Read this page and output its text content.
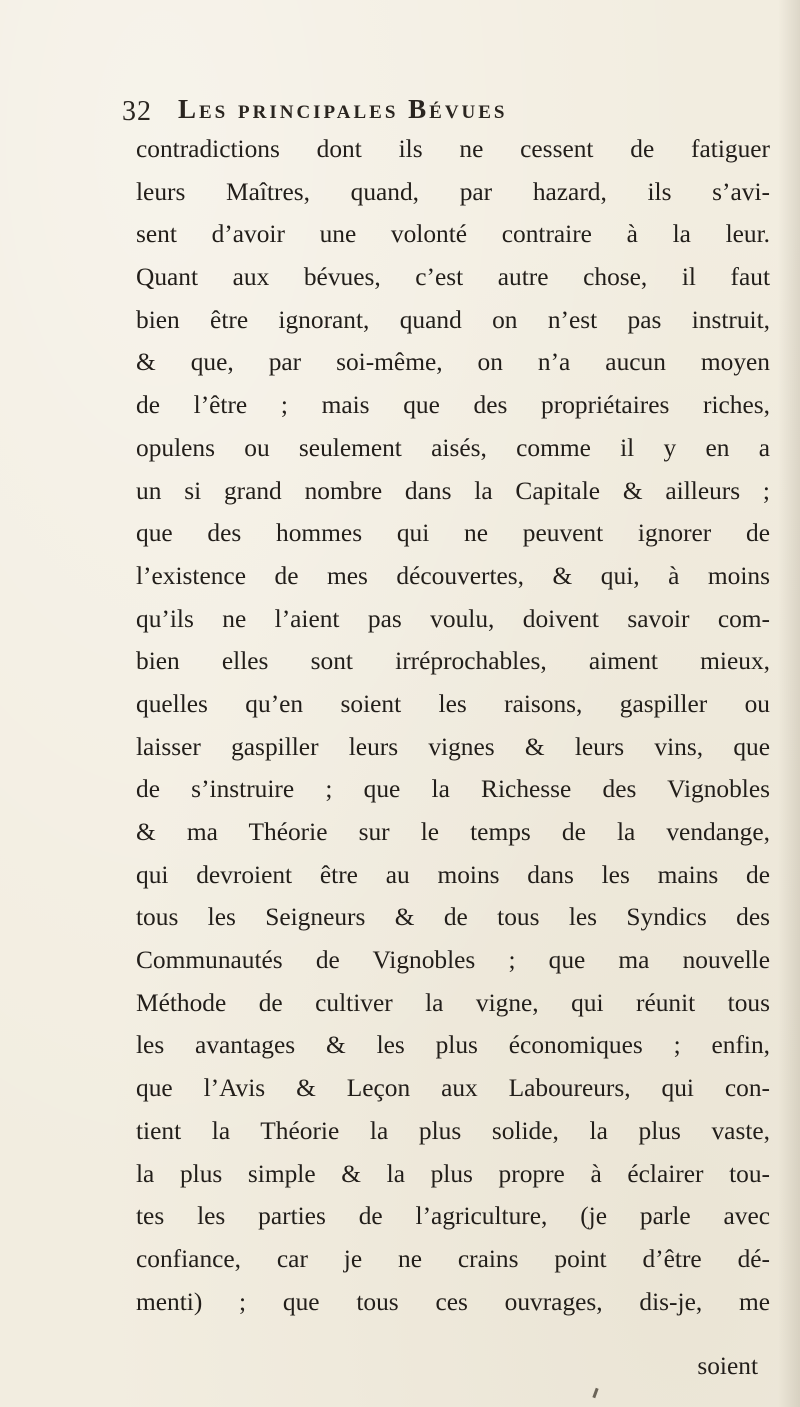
32 Les principales Bévues
contradictions dont ils ne cessent de fatiguer
leurs Maîtres, quand, par hazard, ils s’avi-
sent d’avoir une volonté contraire à la leur.
Quant aux bévues, c’est autre chose, il faut
bien être ignorant, quand on n’est pas instruit,
& que, par soi-même, on n’a aucun moyen
de l’être ; mais que des propriétaires riches,
opulens ou seulement aisés, comme il y en a
un si grand nombre dans la Capitale & ailleurs ;
que des hommes qui ne peuvent ignorer de
l’existence de mes découvertes, & qui, à moins
qu’ils ne l’aient pas voulu, doivent savoir com-
bien elles sont irréprochables, aiment mieux,
quelles qu’en soient les raisons, gaspiller ou
laisser gaspiller leurs vignes & leurs vins, que
de s’instruire ; que la Richesse des Vignobles
& ma Théorie sur le temps de la vendange,
qui devroient être au moins dans les mains de
tous les Seigneurs & de tous les Syndics des
Communautés de Vignobles ; que ma nouvelle
Méthode de cultiver la vigne, qui réunit tous
les avantages & les plus économiques ; enfin,
que l’Avis & Leçon aux Laboureurs, qui con-
tient la Théorie la plus solide, la plus vaste,
la plus simple & la plus propre à éclairer tou-
tes les parties de l’agriculture, (je parle avec
confiance, car je ne crains point d’être dé-
menti) ; que tous ces ouvrages, dis-je, me
soient
